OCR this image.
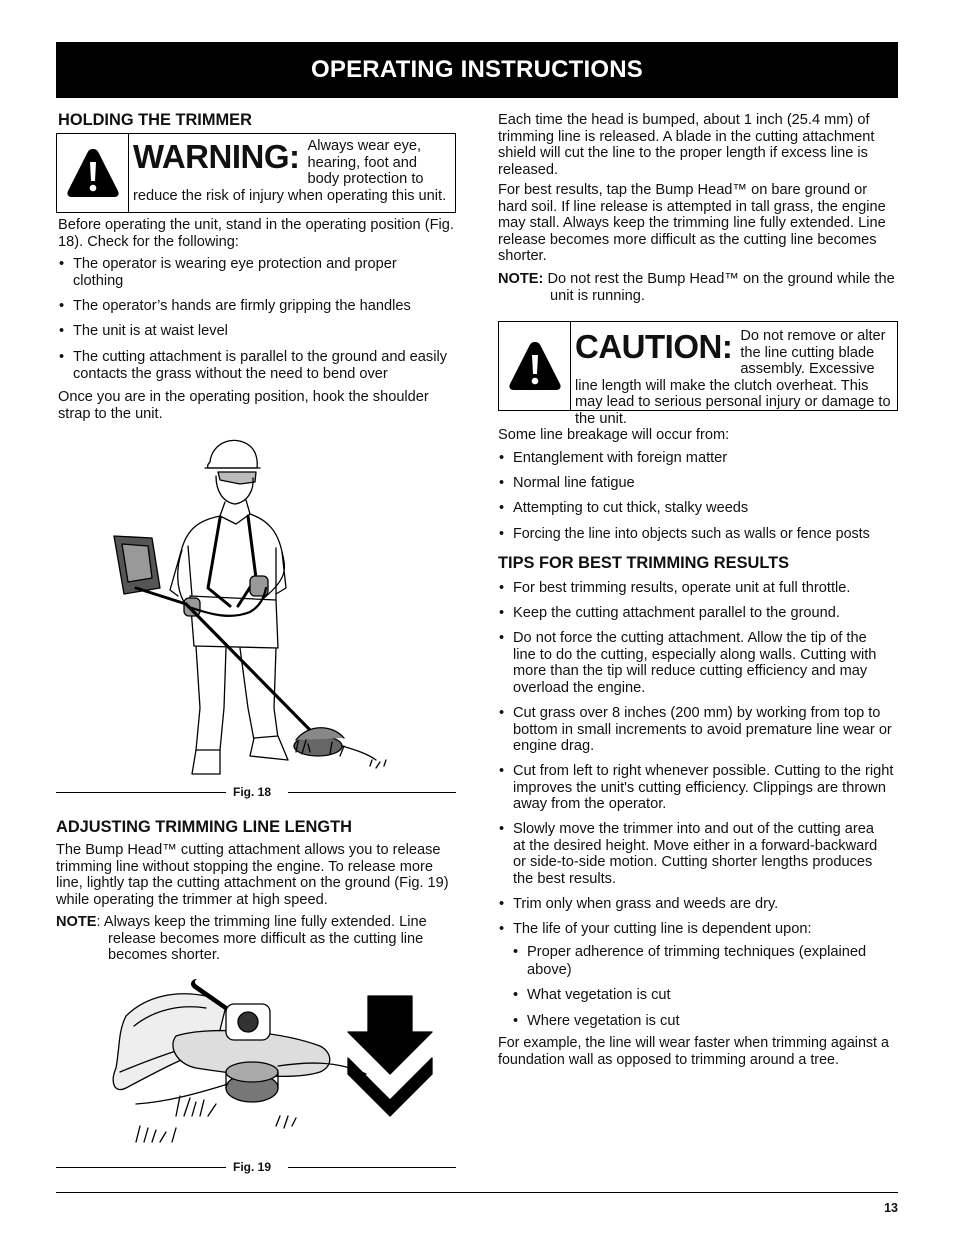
OPERATING INSTRUCTIONS
HOLDING THE TRIMMER
WARNING: Always wear eye, hearing, foot and body protection to reduce the risk of injury when operating this unit.
Before operating the unit, stand in the operating position (Fig. 18). Check for the following:
• The operator is wearing eye protection and proper clothing
• The operator’s hands are firmly gripping the handles
• The unit is at waist level
• The cutting attachment is parallel to the ground and easily contacts the grass without the need to bend over
Once you are in the operating position, hook the shoulder strap to the unit.
Fig. 18
ADJUSTING TRIMMING LINE LENGTH
The Bump Head™ cutting attachment allows you to release trimming line without stopping the engine. To release more line, lightly tap the cutting attachment on the ground (Fig. 19) while operating the trimmer at high speed.
NOTE: Always keep the trimming line fully extended. Line release becomes more difficult as the cutting line becomes shorter.
Fig. 19
Each time the head is bumped, about 1 inch (25.4 mm) of trimming line is released. A blade in the cutting attachment shield will cut the line to the proper length if excess line is released.
For best results, tap the Bump Head™ on bare ground or hard soil. If line release is attempted in tall grass, the engine may stall. Always keep the trimming line fully extended. Line release becomes more difficult as the cutting line becomes shorter.
NOTE: Do not rest the Bump Head™ on the ground while the unit is running.
CAUTION: Do not remove or alter the line cutting blade assembly. Excessive line length will make the clutch overheat. This may lead to serious personal injury or damage to the unit.
Some line breakage will occur from:
• Entanglement with foreign matter
• Normal line fatigue
• Attempting to cut thick, stalky weeds
• Forcing the line into objects such as walls or fence posts
TIPS FOR BEST TRIMMING RESULTS
• For best trimming results, operate unit at full throttle.
• Keep the cutting attachment parallel to the ground.
• Do not force the cutting attachment. Allow the tip of the line to do the cutting, especially along walls. Cutting with more than the tip will reduce cutting efficiency and may overload the engine.
• Cut grass over 8 inches (200 mm) by working from top to bottom in small increments to avoid premature line wear or engine drag.
• Cut from left to right whenever possible. Cutting to the right improves the unit's cutting efficiency. Clippings are thrown away from the operator.
• Slowly move the trimmer into and out of the cutting area at the desired height. Move either in a forward-backward or side-to-side motion. Cutting shorter lengths produces the best results.
• Trim only when grass and weeds are dry.
• The life of your cutting line is dependent upon:
• Proper adherence of trimming techniques (explained above)
• What vegetation is cut
• Where vegetation is cut
For example, the line will wear faster when trimming against a foundation wall as opposed to trimming around a tree.
13
